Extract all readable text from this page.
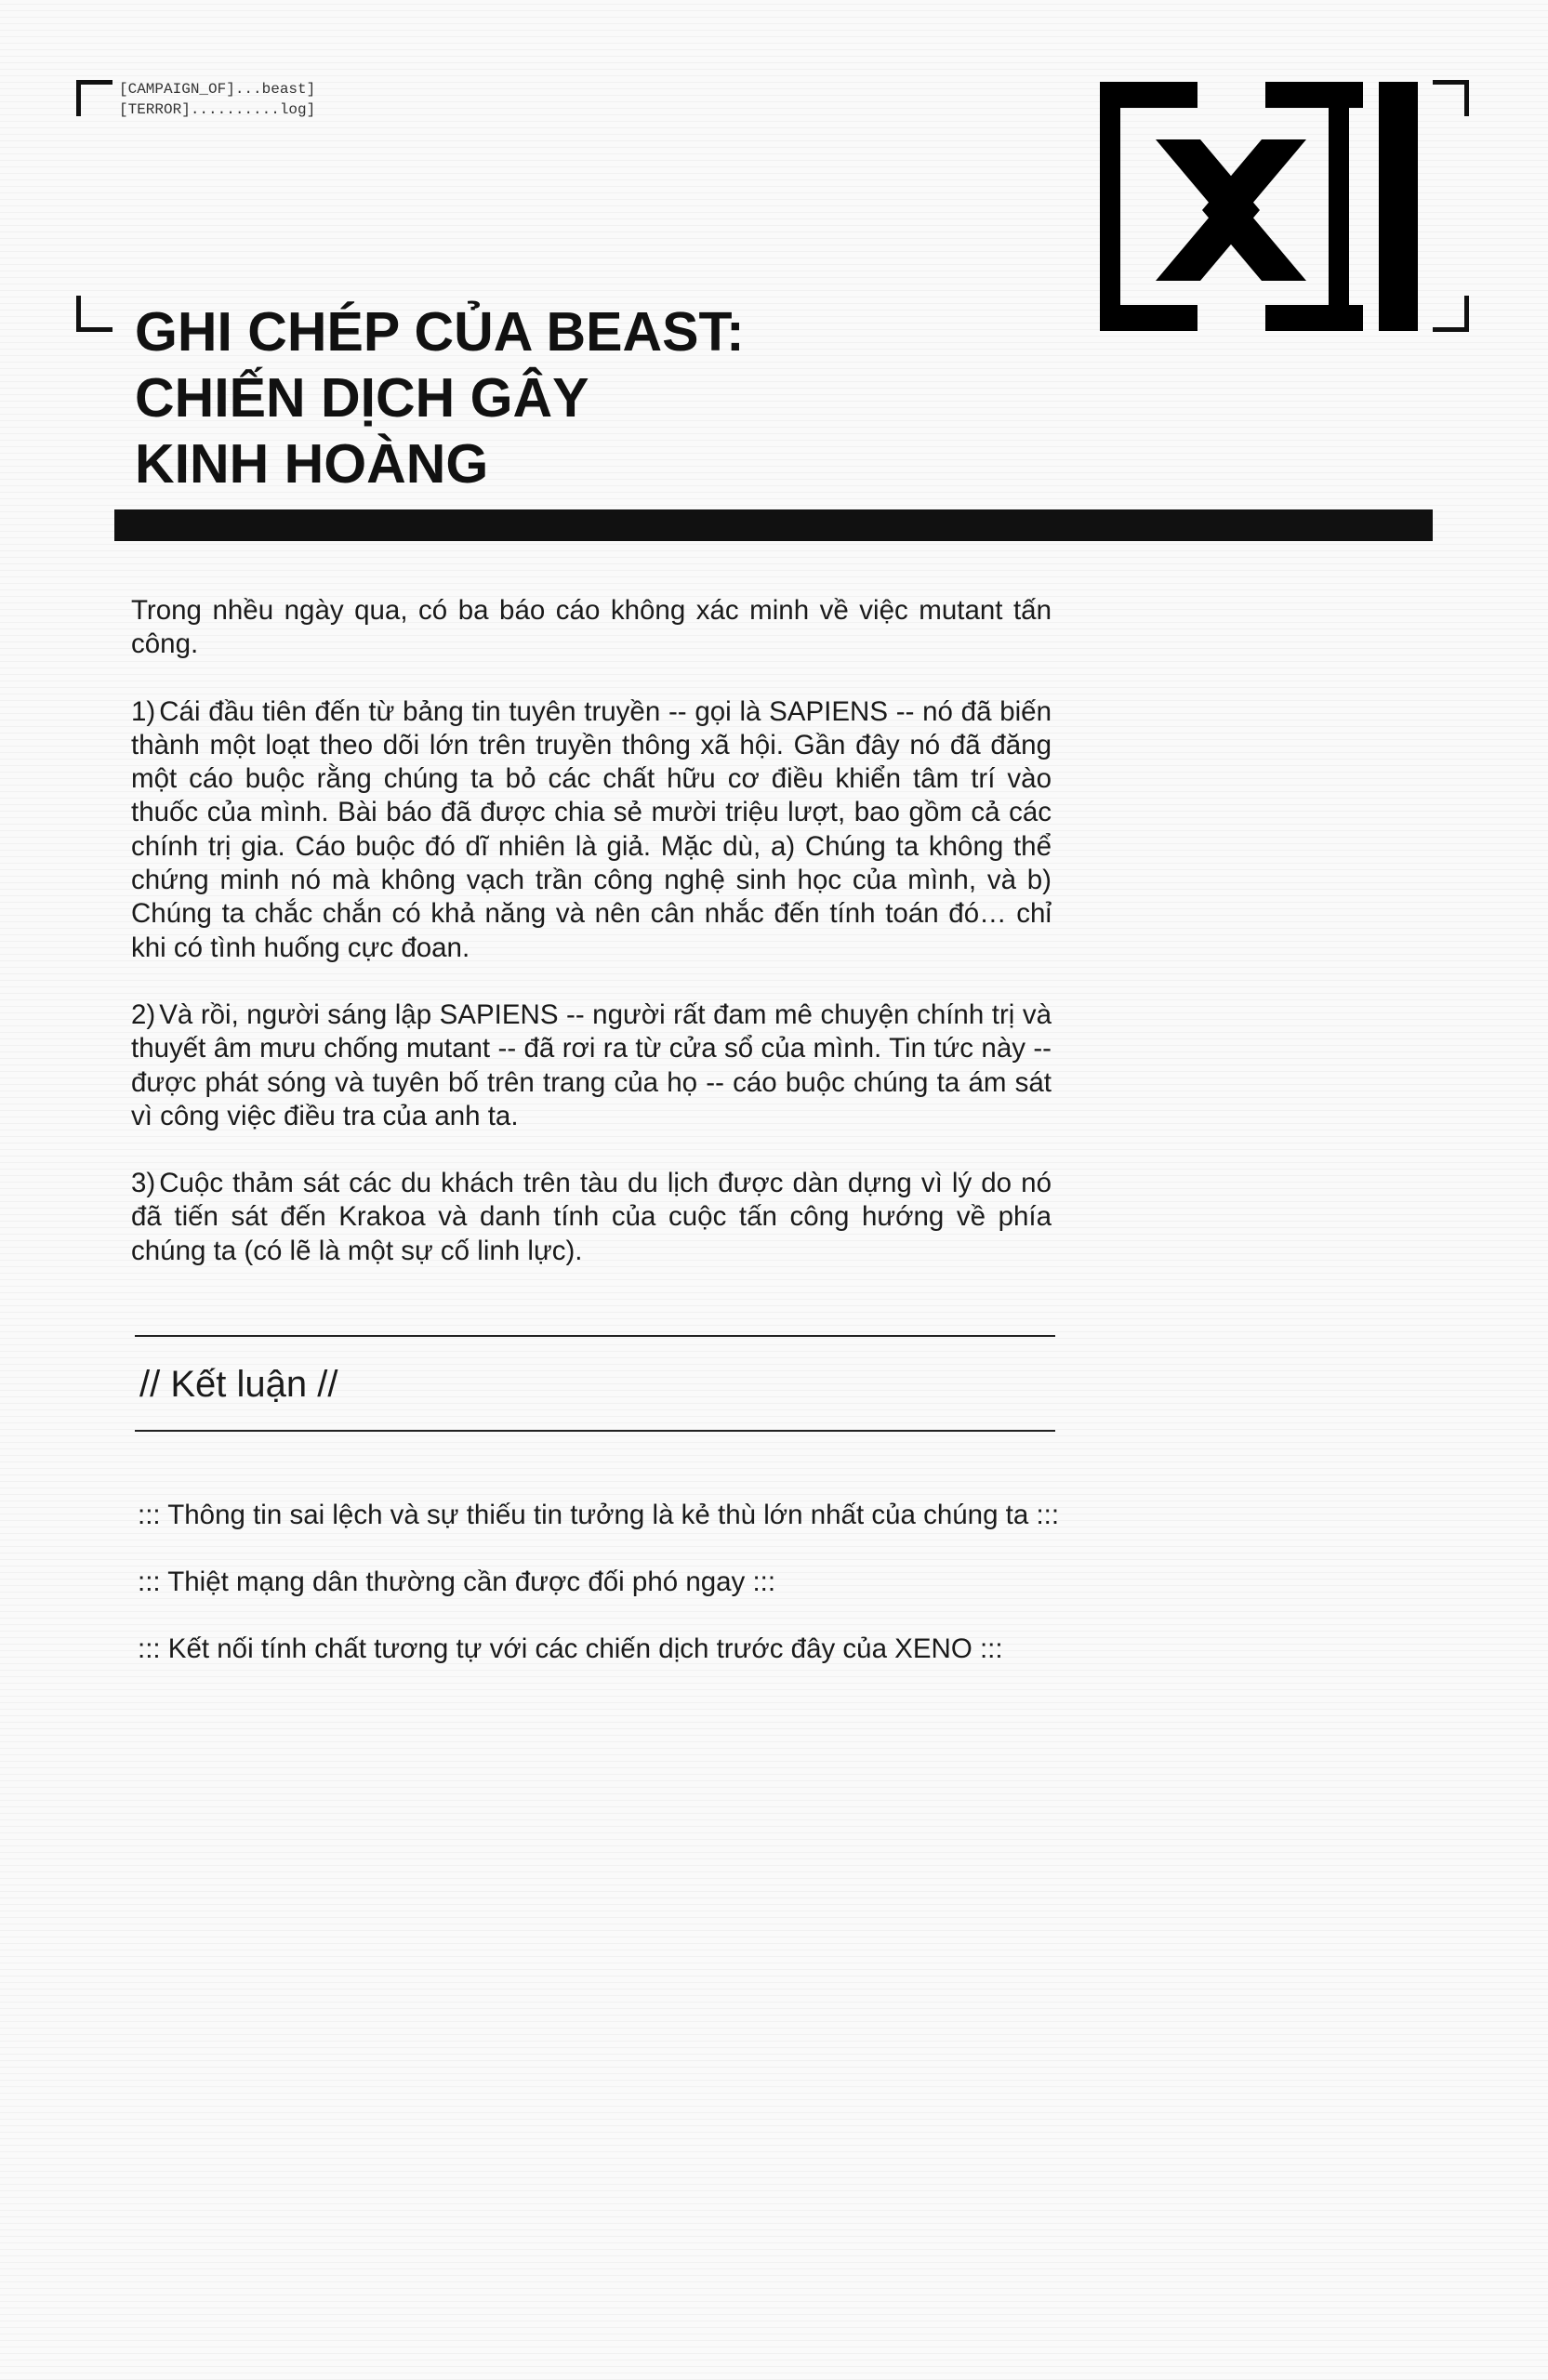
[CAMPAIGN_OF]...beast]
[TERROR]..........log]
GHI CHÉP CỦA BEAST:
CHIẾN DỊCH GÂY
KINH HOÀNG

Trong nhều ngày qua, có ba báo cáo không xác minh về việc mutant tấn công.

1) Cái đầu tiên đến từ bảng tin tuyên truyền -- gọi là SAPIENS -- nó đã biến thành một loạt theo dõi lớn trên truyền thông xã hội. Gần đây nó đã đăng một cáo buộc rằng chúng ta bỏ các chất hữu cơ điều khiển tâm trí vào thuốc của mình. Bài báo đã được chia sẻ mười triệu lượt, bao gồm cả các chính trị gia. Cáo buộc đó dĩ nhiên là giả. Mặc dù, a) Chúng ta không thể chứng minh nó mà không vạch trần công nghệ sinh học của mình, và b) Chúng ta chắc chắn có khả năng và nên cân nhắc đến tính toán đó… chỉ khi có tình huống cực đoan.

2) Và rồi, người sáng lập SAPIENS -- người rất đam mê chuyện chính trị và thuyết âm mưu chống mutant -- đã rơi ra từ cửa sổ của mình. Tin tức này -- được phát sóng và tuyên bố trên trang của họ -- cáo buộc chúng ta ám sát vì công việc điều tra của anh ta.

3) Cuộc thảm sát các du khách trên tàu du lịch được dàn dựng vì lý do nó đã tiến sát đến Krakoa và danh tính của cuộc tấn công hướng về phía chúng ta (có lẽ là một sự cố linh lực).

// Kết luận //
::: Thông tin sai lệch và sự thiếu tin tưởng là kẻ thù lớn nhất của chúng ta :::
::: Thiệt mạng dân thường cần được đối phó ngay :::
::: Kết nối tính chất tương tự với các chiến dịch trước đây của XENO :::
